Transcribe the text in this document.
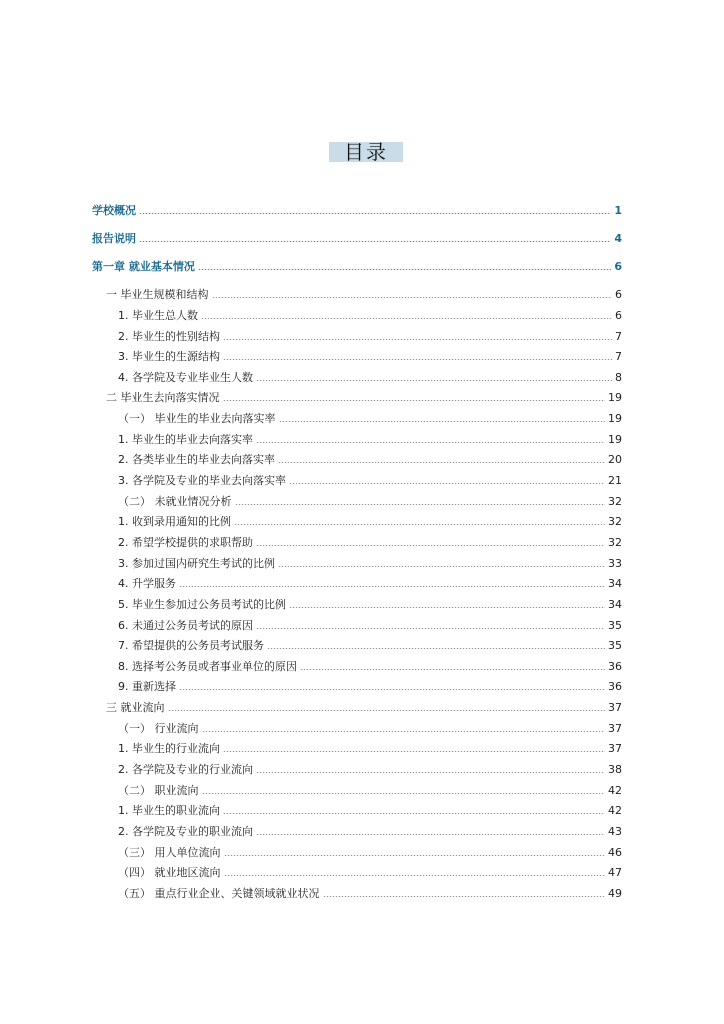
目录
学校概况	1
报告说明	4
第一章 就业基本情况	6
一 毕业生规模和结构	6
1. 毕业生总人数	6
2. 毕业生的性别结构	7
3. 毕业生的生源结构	7
4. 各学院及专业毕业生人数	8
二 毕业生去向落实情况	19
（一） 毕业生的毕业去向落实率	19
1. 毕业生的毕业去向落实率	19
2. 各类毕业生的毕业去向落实率	20
3. 各学院及专业的毕业去向落实率	21
（二） 未就业情况分析	32
1. 收到录用通知的比例	32
2. 希望学校提供的求职帮助	32
3. 参加过国内研究生考试的比例	33
4. 升学服务	34
5. 毕业生参加过公务员考试的比例	34
6. 未通过公务员考试的原因	35
7. 希望提供的公务员考试服务	35
8. 选择考公务员或者事业单位的原因	36
9. 重新选择	36
三 就业流向	37
（一） 行业流向	37
1. 毕业生的行业流向	37
2. 各学院及专业的行业流向	38
（二） 职业流向	42
1. 毕业生的职业流向	42
2. 各学院及专业的职业流向	43
（三） 用人单位流向	46
（四） 就业地区流向	47
（五） 重点行业企业、关键领域就业状况	49
